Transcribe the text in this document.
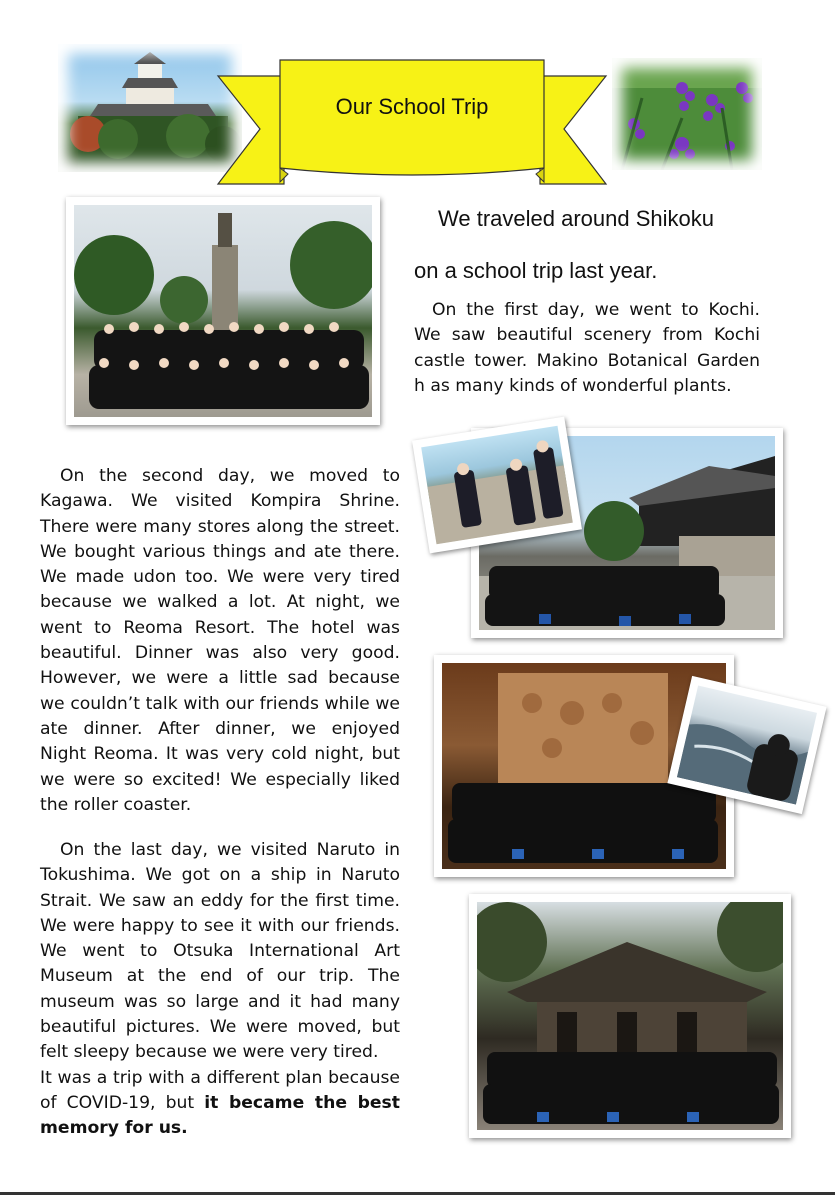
Our School Trip
We traveled around Shikoku
on a school trip last year.

On the first day, we went to Kochi. We saw beautiful scenery from Kochi castle tower. Makino Botanical Garden h as many kinds of wonderful plants.

On the second day, we moved to Kagawa. We visited Kompira Shrine. There were many stores along the street. We bought various things and ate there. We made udon too. We were very tired because we walked a lot. At night, we went to Reoma Resort. The hotel was beautiful. Dinner was also very good. However, we were a little sad because we couldn’t talk with our friends while we ate dinner. After dinner, we enjoyed Night Reoma. It was very cold night, but we were so excited! We especially liked the roller coaster.

On the last day, we visited Naruto in Tokushima. We got on a ship in Naruto Strait. We saw an eddy for the first time. We were happy to see it with our friends. We went to Otsuka International Art Museum at the end of our trip. The museum was so large and it had many beautiful pictures. We were moved, but felt sleepy because we were very tired.

It was a trip with a different plan because of COVID-19, but it became the best memory for us.
